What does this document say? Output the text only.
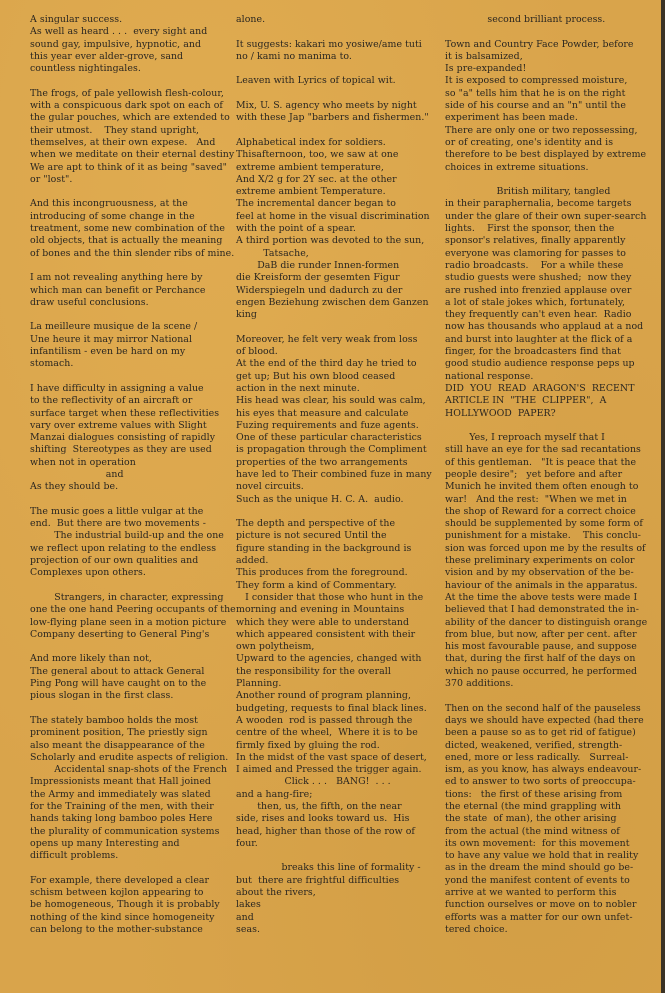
A singular success.
As well as heard . . .  every sight and
sound gay, impulsive, hypnotic, and
this year ever alder-grove, sand
countless nightingales.
The frogs, of pale yellowish flesh-colour,
with a conspicuous dark spot on each of
the gular pouches, which are extended to
their utmost.    They stand upright,
themselves, at their own expese.   And
when we meditate on their eternal destiny
We are apt to think of it as being "saved"
or "lost".
And this incongruousness, at the
introducing of some change in the
treatment, some new combination of the
old objects, that is actually the meaning
of bones and the thin slender ribs of mine.
I am not revealing anything here by
which man can benefit or Perchance
draw useful conclusions.
La meilleure musique de la scene /
Une heure it may mirror National
infantilism - even be hard on my
stomach.
I have difficulty in assigning a value
to the reflectivity of an aircraft or
surface target when these reflectivities
vary over extreme values with Slight
Manzai dialogues consisting of rapidly
shifting  Stereotypes as they are used
when not in operation
and
As they should be.
The music goes a little vulgar at the
end.  But there are two movements -
The industrial build-up and the one
we reflect upon relating to the endless
projection of our own qualities and
Complexes upon others.
Strangers, in character, expressing
one the one hand Peering occupants of the
low-flying plane seen in a motion picture
Company deserting to General Ping's
And more likely than not,
The general about to attack General
Ping Pong will have caught on to the
pious slogan in the first class.
The stately bamboo holds the most
prominent position, The priestly sign
also meant the disappearance of the
Scholarly and erudite aspects of religion.
Accidental snap-shots of the French
Impressionists meant that Hall joined
the Army and immediately was slated
for the Training of the men, with their
hands taking long bamboo poles Here
the plurality of communication systems
opens up many Interesting and
difficult problems.
For example, there developed a clear
schism between kojlon appearing to
be homogeneous, Though it is probably
nothing of the kind since homogeneity
can belong to the mother-substance
alone.
It suggests: kakari mo yosiwe/ame tuti
no / kami no manima to.
Leaven with Lyrics of topical wit.
Mix, U. S. agency who meets by night
with these Jap "barbers and fishermen."
Alphabetical index for soldiers.
Thisafternoon, too, we saw at one
extreme ambient temperature,
And X/2 g for 2Y sec. at the other
extreme ambient Temperature.
The incremental dancer began to
feel at home in the visual discrimination
with the point of a spear.
A third portion was devoted to the sun,
Tatsache,
DaB die runder Innen-formen
die Kreisform der gesemten Figur
Widerspiegeln und dadurch zu der
engen Beziehung zwischen dem Ganzen
king
Moreover, he felt very weak from loss
of blood.
At the end of the third day he tried to
get up; But his own blood ceased
action in the next minute.
His head was clear, his sould was calm,
his eyes that measure and calculate
Fuzing requirements and fuze agents.
One of these particular characteristics
is propagation through the Compliment
properties of the two arrangements
have led to Their combined fuze in many
novel circuits.
Such as the unique H. C. A.  audio.
The depth and perspective of the
picture is not secured Until the
figure standing in the background is
added.
This produces from the foreground.
They form a kind of Commentary.
I consider that those who hunt in the
morning and evening in Mountains
which they were able to understand
which appeared consistent with their
own polytheism,
Upward to the agencies, changed with
the responsibility for the overall
Planning.
Another round of program planning,
budgeting, requests to final black lines.
A wooden  rod is passed through the
centre of the wheel,  Where it is to be
firmly fixed by gluing the rod.
In the midst of the vast space of desert,
I aimed and Pressed the trigger again.
Click . . .   BANG!  . . .
and a hang-fire;
then, us, the fifth, on the near
side, rises and looks toward us.  His
head, higher than those of the row of
four.
breaks this line of formality -
but  there are frightful difficulties
about the rivers,
lakes
and
seas.
second brilliant process.
Town and Country Face Powder, before
it is balsamized,
Is pre-expanded!
It is exposed to compressed moisture,
so "a" tells him that he is on the right
side of his course and an "n" until the
experiment has been made.
There are only one or two repossessing,
or of creating, one's identity and is
therefore to be best displayed by extreme
choices in extreme situations.
British military, tangled
in their paraphernalia, become targets
under the glare of their own super-search
lights.    First the sponsor, then the
sponsor's relatives, finally apparently
everyone was clamoring for passes to
radio broadcasts.    For a while these
studio guests were shushed;  now they
are rushed into frenzied applause over
a lot of stale jokes which, fortunately,
they frequently can't even hear.  Radio
now has thousands who applaud at a nod
and burst into laughter at the flick of a
finger, for the broadcasters find that
good studio audience response peps up
national response.
DID  YOU  READ  ARAGON'S  RECENT
ARTICLE IN  "THE  CLIPPER",  A
HOLLYWOOD  PAPER?
Yes, I reproach myself that I
still have an eye for the sad recantations
of this gentleman.   "It is peace that the
people desire";   yet before and after
Munich he invited them often enough to
war!   And the rest:  "When we met in
the shop of Reward for a correct choice
should be supplemented by some form of
punishment for a mistake.    This conclu-
sion was forced upon me by the results of
these preliminary experiments on color
vision and by my observation of the be-
haviour of the animals in the apparatus.
At the time the above tests were made I
believed that I had demonstrated the in-
ability of the dancer to distinguish orange
from blue, but now, after per cent. after
his most favourable pause, and suppose
that, during the first half of the days on
which no pause occurred, he performed
370 additions.
Then on the second half of the pauseless
days we should have expected (had there
been a pause so as to get rid of fatigue)
dicted, weakened, verified, strength-
ened, more or less radically.   Surreal-
ism, as you know, has always endeavour-
ed to answer to two sorts of preoccupa-
tions:   the first of these arising from
the eternal (the mind grappling with
the state  of man), the other arising
from the actual (the mind witness of
its own movement:  for this movement
to have any value we hold that in reality
as in the dream the mind should go be-
yond the manifest content of events to
arrive at we wanted to perform this
function ourselves or move on to nobler
efforts was a matter for our own unfet-
tered choice.
